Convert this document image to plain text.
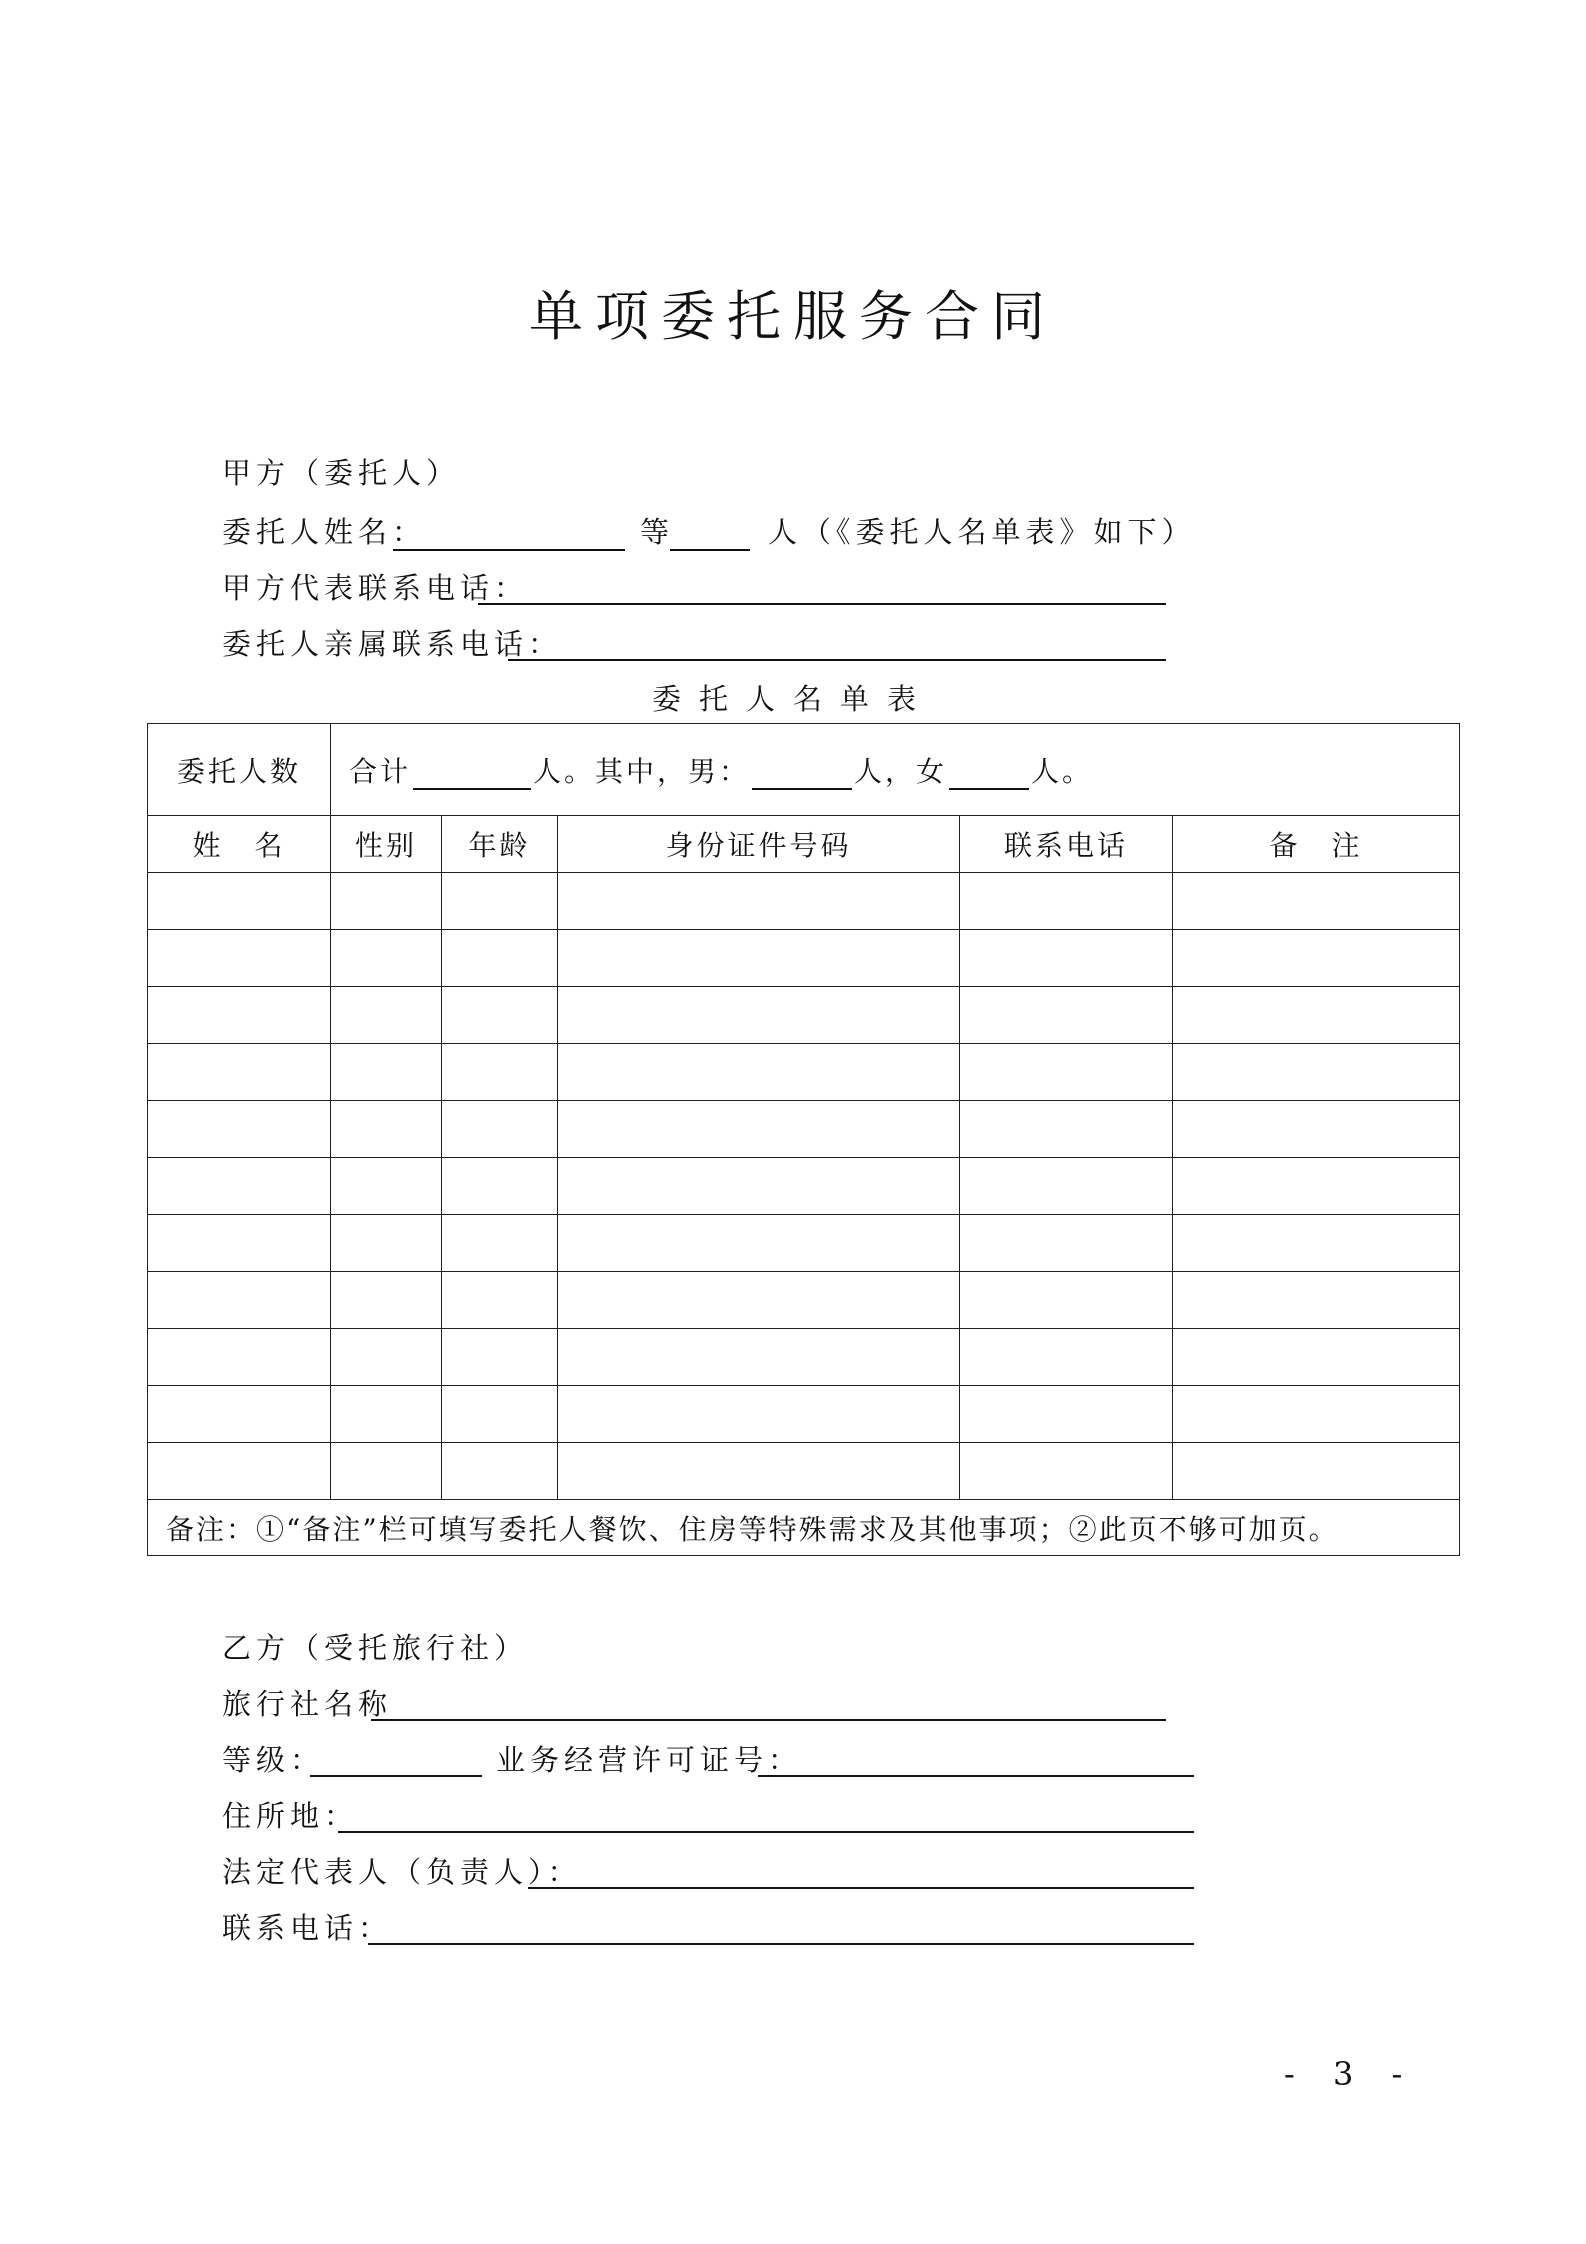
单项委托服务合同
甲方（委托人）
委托人姓名：	等	人（《委托人名单表》如下）
甲方代表联系电话：
委托人亲属联系电话：
委托人名单表
委托人数	合计 人。其中，男： 人，女 人。				
姓　名	性别	年龄	身份证件号码	联系电话	备　注

备注：①“备注”栏可填写委托人餐饮、住房等特殊需求及其他事项；②此页不够可加页。					
乙方（受托旅行社）
旅行社名称
等级：	业务经营许可证号：
住所地：
法定代表人（负责人）：
联系电话：
- 3 -
